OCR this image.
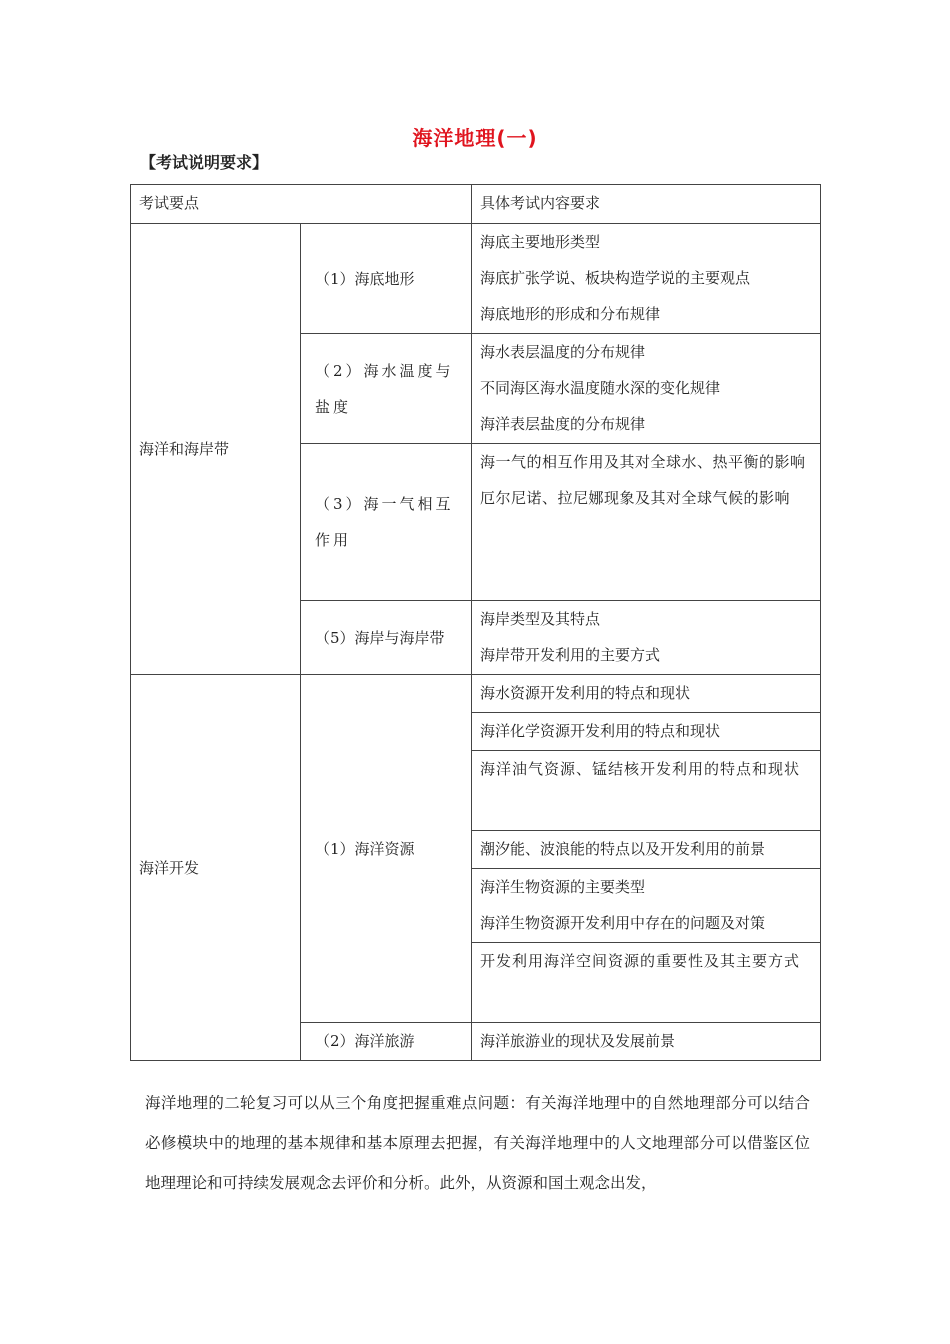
海洋地理(一)
【考试说明要求】
考试要点		具体考试内容要求
海洋和海岸带	（1）海底地形	海底主要地形类型
海底扩张学说、板块构造学说的主要观点
海底地形的形成和分布规律

	（2）海水温度与盐度	海水表层温度的分布规律
不同海区海水温度随水深的变化规律
海洋表层盐度的分布规律

	（3）海一气相互作用	海一气的相互作用及其对全球水、热平衡的影响
厄尔尼诺、拉尼娜现象及其对全球气候的影响

	（5）海岸与海岸带	海岸类型及其特点
海岸带开发利用的主要方式

海洋开发	（1）海洋资源	海水资源开发利用的特点和现状
		海洋化学资源开发利用的特点和现状
		海洋油气资源、锰结核开发利用的特点和现状
		潮汐能、波浪能的特点以及开发利用的前景

		海洋生物资源的主要类型
海洋生物资源开发利用中存在的问题及对策

		开发利用海洋空间资源的重要性及其主要方式
	（2）海洋旅游	海洋旅游业的现状及发展前景
海洋地理的二轮复习可以从三个角度把握重难点问题：有关海洋地理中的自然地理部分可以结合必修模块中的地理的基本规律和基本原理去把握，有关海洋地理中的人文地理部分可以借鉴区位地理理论和可持续发展观念去评价和分析。此外，从资源和国土观念出发，
